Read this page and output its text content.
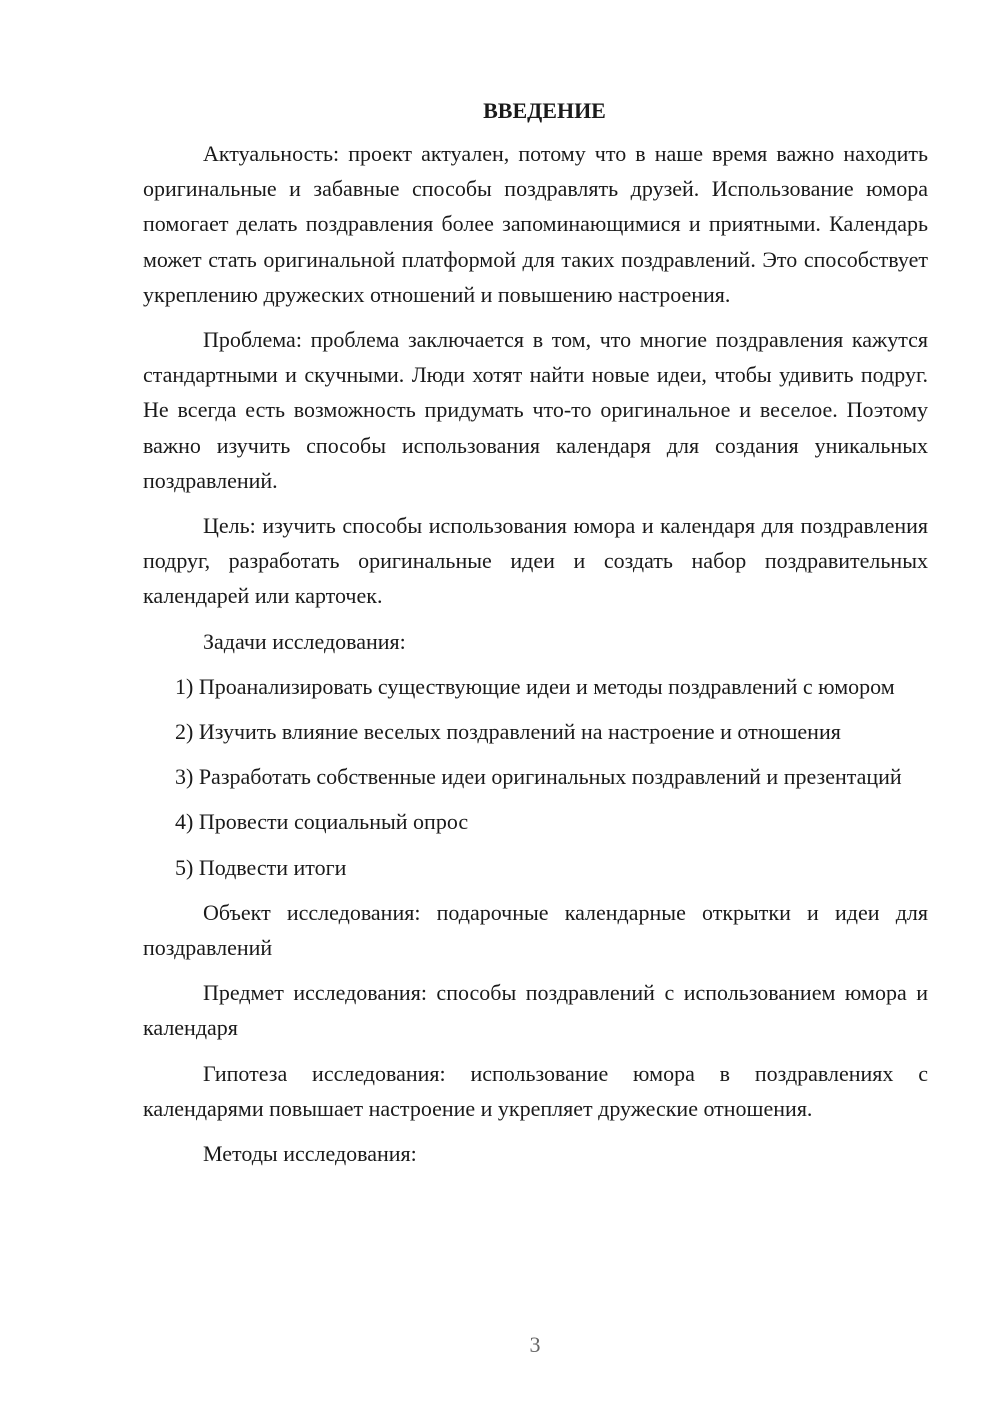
ВВЕДЕНИЕ

Актуальность: проект актуален, потому что в наше время важно находить оригинальные и забавные способы поздравлять друзей. Использование юмора помогает делать поздравления более запоминающимися и приятными. Календарь может стать оригинальной платформой для таких поздравлений. Это способствует укреплению дружеских отношений и повышению настроения.

Проблема: проблема заключается в том, что многие поздравления кажутся стандартными и скучными. Люди хотят найти новые идеи, чтобы удивить подруг. Не всегда есть возможность придумать что-то оригинальное и веселое. Поэтому важно изучить способы использования календаря для создания уникальных поздравлений.

Цель: изучить способы использования юмора и календаря для поздравления подруг, разработать оригинальные идеи и создать набор поздравительных календарей или карточек.

Задачи исследования:

1) Проанализировать существующие идеи и методы поздравлений с юмором

2) Изучить влияние веселых поздравлений на настроение и отношения

3) Разработать собственные идеи оригинальных поздравлений и презентаций

4) Провести социальный опрос

5) Подвести итоги

Объект исследования: подарочные календарные открытки и идеи для поздравлений

Предмет исследования: способы поздравлений с использованием юмора и календаря

Гипотеза исследования: использование юмора в поздравлениях с календарями повышает настроение и укрепляет дружеские отношения.

Методы исследования:

3
